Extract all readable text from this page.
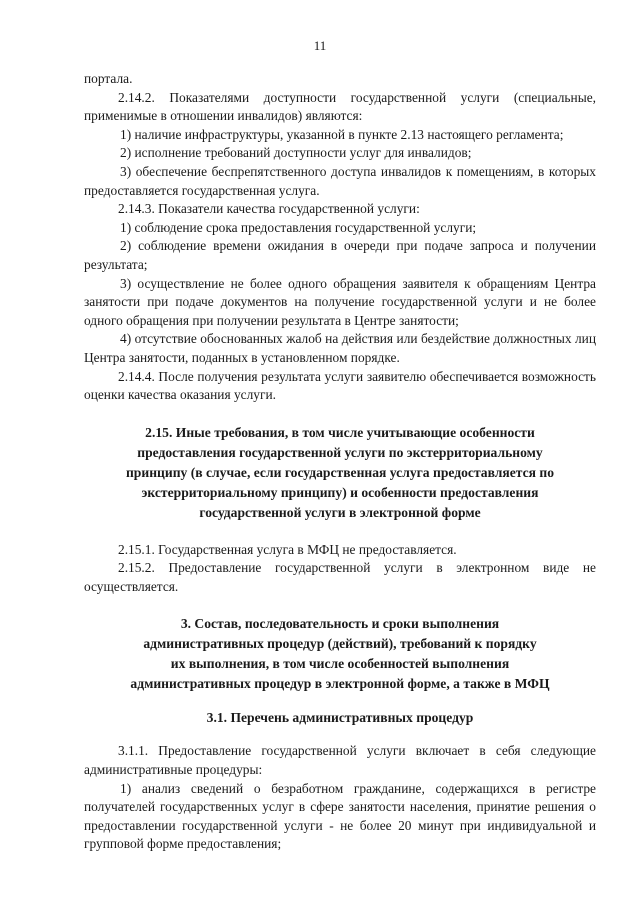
11

портала.

2.14.2. Показателями доступности государственной услуги (специальные, применимые в отношении инвалидов) являются:

1) наличие инфраструктуры, указанной в пункте 2.13 настоящего регламента;

2) исполнение требований доступности услуг для инвалидов;

3) обеспечение беспрепятственного доступа инвалидов к помещениям, в которых предоставляется государственная услуга.

2.14.3. Показатели качества государственной услуги:

1) соблюдение срока предоставления государственной услуги;

2) соблюдение времени ожидания в очереди при подаче запроса и получении результата;

3) осуществление не более одного обращения заявителя к обращениям Центра занятости при подаче документов на получение государственной услуги и не более одного обращения при получении результата в Центре занятости;

4) отсутствие обоснованных жалоб на действия или бездействие должностных лиц Центра занятости, поданных в установленном порядке.

2.14.4. После получения результата услуги заявителю обеспечивается возможность оценки качества оказания услуги.

2.15. Иные требования, в том числе учитывающие особенности

предоставления государственной услуги по экстерриториальному

принципу (в случае, если государственная услуга предоставляется по

экстерриториальному принципу) и особенности предоставления

государственной услуги в электронной форме

2.15.1. Государственная услуга в МФЦ не предоставляется.

2.15.2. Предоставление государственной услуги в электронном виде не осуществляется.

3. Состав, последовательность и сроки выполнения

административных процедур (действий), требований к порядку

их выполнения, в том числе особенностей выполнения

административных процедур в электронной форме, а также в МФЦ

3.1. Перечень административных процедур

3.1.1. Предоставление государственной услуги включает в себя следующие административные процедуры:

1) анализ сведений о безработном гражданине, содержащихся в регистре получателей государственных услуг в сфере занятости населения, принятие решения о предоставлении государственной услуги - не более 20 минут при индивидуальной и групповой форме предоставления;
